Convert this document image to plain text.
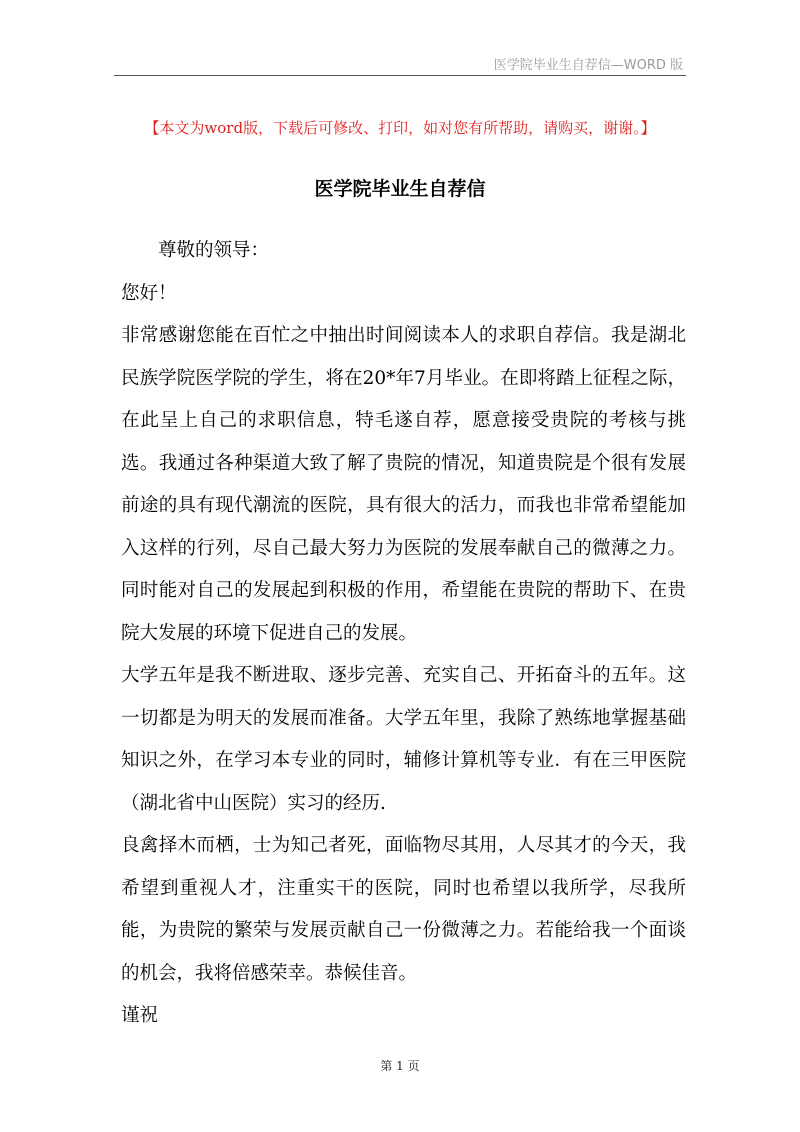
医学院毕业生自荐信—WORD 版
【本文为word版，下载后可修改、打印，如对您有所帮助，请购买，谢谢。】
医学院毕业生自荐信

尊敬的领导：

您好！

非常感谢您能在百忙之中抽出时间阅读本人的求职自荐信。我是湖北民族学院医学院的学生，将在20*年7月毕业。在即将踏上征程之际，在此呈上自己的求职信息，特毛遂自荐，愿意接受贵院的考核与挑选。我通过各种渠道大致了解了贵院的情况，知道贵院是个很有发展前途的具有现代潮流的医院，具有很大的活力，而我也非常希望能加入这样的行列，尽自己最大努力为医院的发展奉献自己的微薄之力。同时能对自己的发展起到积极的作用，希望能在贵院的帮助下、在贵院大发展的环境下促进自己的发展。

大学五年是我不断进取、逐步完善、充实自己、开拓奋斗的五年。这一切都是为明天的发展而准备。大学五年里，我除了熟练地掌握基础知识之外，在学习本专业的同时，辅修计算机等专业．有在三甲医院（湖北省中山医院）实习的经历.

良禽择木而栖，士为知己者死，面临物尽其用，人尽其才的今天，我希望到重视人才，注重实干的医院，同时也希望以我所学，尽我所能，为贵院的繁荣与发展贡献自己一份微薄之力。若能给我一个面谈的机会，我将倍感荣幸。恭候佳音。

谨祝

第 1 页
